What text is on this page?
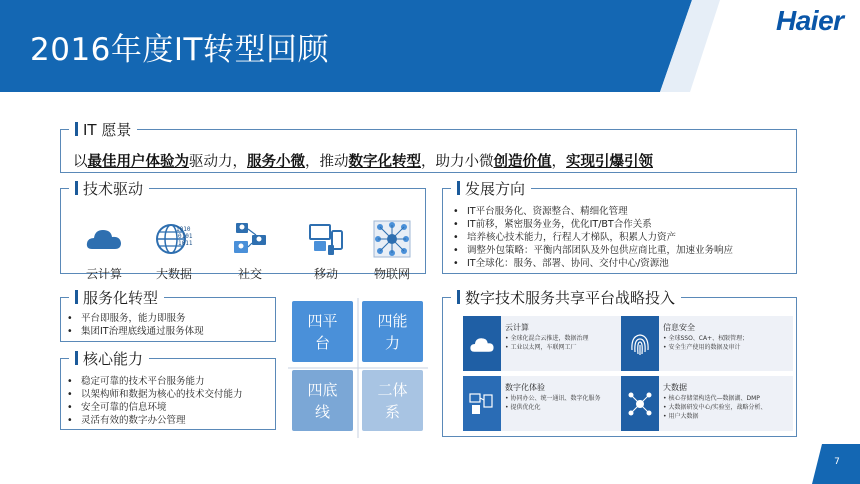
2016年度IT转型回顾
Haier
IT 愿景
以最佳用户体验为驱动力，服务小微，推动数字化转型，助力小微创造价值，实现引爆引领
技术驱动
云计算
1010
0101
1011
大数据	社交	移动	物联网
发展方向
• IT平台服务化、资源整合、精细化管理
• IT前移，紧密服务业务，优化IT/BT合作关系
• 培养核心技术能力，行程人才梯队，积累人力资产
• 调整外包策略：平衡内部团队及外包供应商比重，加速业务响应
• IT全球化：服务、部署、协同、交付中心/资源池
服务化转型
• 平台即服务，能力即服务
• 集团IT治理底线通过服务体现
核心能力
• 稳定可靠的技术平台服务能力
• 以架构师和数据为核心的技术交付能力
• 安全可靠的信息环境
• 灵活有效的数字办公管理
四平台
四能力
四底线
二体系
数字技术服务共享平台战略投入
云计算
• 全球化混合云推进，数据治理
• 工业以太网，车联网工厂
信息安全
• 全球SSO、CA+、权限管理；
• 安全生产使用的数据及审计
数字化体验
• 协同办公、统一通讯、数字化服务
• 提供优化化
大数据
• 核心存储架构迭代—数据湖、DMP
• 大数据研发中心/实验室，战略分析、
• 用户大数据
7
